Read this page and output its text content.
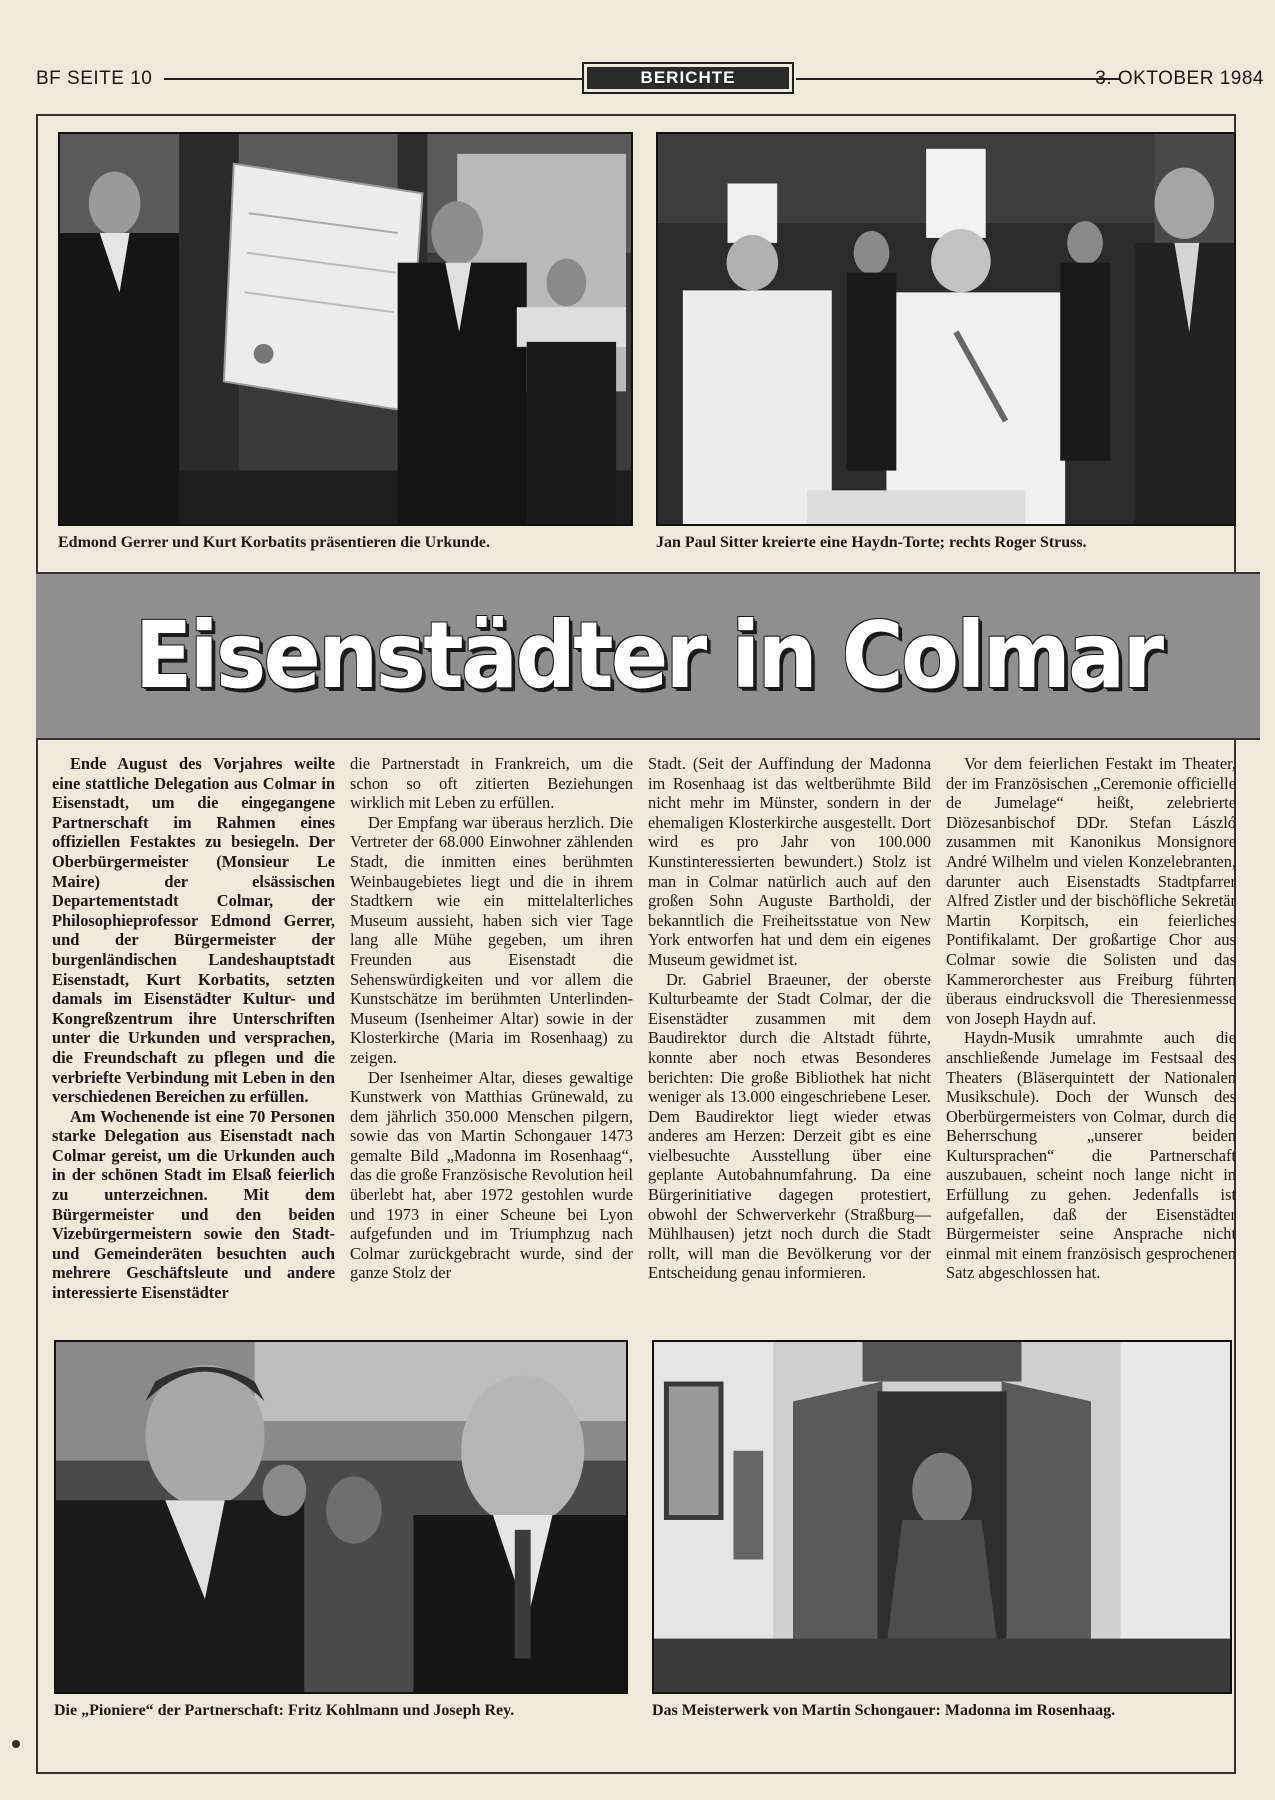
BF SEITE 10	BERICHTE	3. OKTOBER 1984
Edmond Gerrer und Kurt Korbatits präsentieren die Urkunde.	Jan Paul Sitter kreierte eine Haydn-Torte; rechts Roger Struss.
Eisenstädter in Colmar

Ende August des Vorjahres weilte eine stattliche Delegation aus Colmar in Eisenstadt, um die eingegangene Partnerschaft im Rahmen eines offiziellen Festaktes zu besiegeln. Der Oberbürgermeister (Monsieur Le Maire) der elsässischen Departementstadt Colmar, der Philosophieprofessor Edmond Gerrer, und der Bürgermeister der burgenländischen Landeshauptstadt Eisenstadt, Kurt Korbatits, setzten damals im Eisenstädter Kultur- und Kongreßzentrum ihre Unterschriften unter die Urkunden und versprachen, die Freundschaft zu pflegen und die verbriefte Verbindung mit Leben in den verschiedenen Bereichen zu erfüllen.

Am Wochenende ist eine 70 Personen starke Delegation aus Eisenstadt nach Colmar gereist, um die Urkunden auch in der schönen Stadt im Elsaß feierlich zu unterzeichnen. Mit dem Bürgermeister und den beiden Vizebürgermeistern sowie den Stadt- und Gemeinderäten besuchten auch mehrere Geschäftsleute und andere interessierte Eisenstädter

die Partnerstadt in Frankreich, um die schon so oft zitierten Beziehungen wirklich mit Leben zu erfüllen.

Der Empfang war überaus herzlich. Die Vertreter der 68.000 Einwohner zählenden Stadt, die inmitten eines berühmten Weinbaugebietes liegt und die in ihrem Stadtkern wie ein mittelalterliches Museum aussieht, haben sich vier Tage lang alle Mühe gegeben, um ihren Freunden aus Eisenstadt die Sehenswürdigkeiten und vor allem die Kunstschätze im berühmten Unterlinden-Museum (Isenheimer Altar) sowie in der Klosterkirche (Maria im Rosenhaag) zu zeigen.

Der Isenheimer Altar, dieses gewaltige Kunstwerk von Matthias Grünewald, zu dem jährlich 350.000 Menschen pilgern, sowie das von Martin Schongauer 1473 gemalte Bild „Madonna im Rosenhaag“, das die große Französische Revolution heil überlebt hat, aber 1972 gestohlen wurde und 1973 in einer Scheune bei Lyon aufgefunden und im Triumphzug nach Colmar zurückgebracht wurde, sind der ganze Stolz der

Stadt. (Seit der Auffindung der Madonna im Rosenhaag ist das weltberühmte Bild nicht mehr im Münster, sondern in der ehemaligen Klosterkirche ausgestellt. Dort wird es pro Jahr von 100.000 Kunstinteressierten bewundert.) Stolz ist man in Colmar natürlich auch auf den großen Sohn Auguste Bartholdi, der bekanntlich die Freiheitsstatue von New York entworfen hat und dem ein eigenes Museum gewidmet ist.

Dr. Gabriel Braeuner, der oberste Kulturbeamte der Stadt Colmar, der die Eisenstädter zusammen mit dem Baudirektor durch die Altstadt führte, konnte aber noch etwas Besonderes berichten: Die große Bibliothek hat nicht weniger als 13.000 eingeschriebene Leser. Dem Baudirektor liegt wieder etwas anderes am Herzen: Derzeit gibt es eine vielbesuchte Ausstellung über eine geplante Autobahnumfahrung. Da eine Bürgerinitiative dagegen protestiert, obwohl der Schwerverkehr (Straßburg—Mühlhausen) jetzt noch durch die Stadt rollt, will man die Bevölkerung vor der Entscheidung genau informieren.

Vor dem feierlichen Festakt im Theater, der im Französischen „Ceremonie officielle de Jumelage“ heißt, zelebrierte Diözesanbischof DDr. Stefan László zusammen mit Kanonikus Monsignore André Wilhelm und vielen Konzelebranten, darunter auch Eisenstadts Stadtpfarrer Alfred Zistler und der bischöfliche Sekretär Martin Korpitsch, ein feierliches Pontifikalamt. Der großartige Chor aus Colmar sowie die Solisten und das Kammerorchester aus Freiburg führten überaus eindrucksvoll die Theresienmesse von Joseph Haydn auf.

Haydn-Musik umrahmte auch die anschließende Jumelage im Festsaal des Theaters (Bläserquintett der Nationalen Musikschule). Doch der Wunsch des Oberbürgermeisters von Colmar, durch die Beherrschung „unserer beiden Kultursprachen“ die Partnerschaft auszubauen, scheint noch lange nicht in Erfüllung zu gehen. Jedenfalls ist aufgefallen, daß der Eisenstädter Bürgermeister seine Ansprache nicht einmal mit einem französisch gesprochenen Satz abgeschlossen hat.

Die „Pioniere“ der Partnerschaft: Fritz Kohlmann und Joseph Rey.	Das Meisterwerk von Martin Schongauer: Madonna im Rosenhaag.
